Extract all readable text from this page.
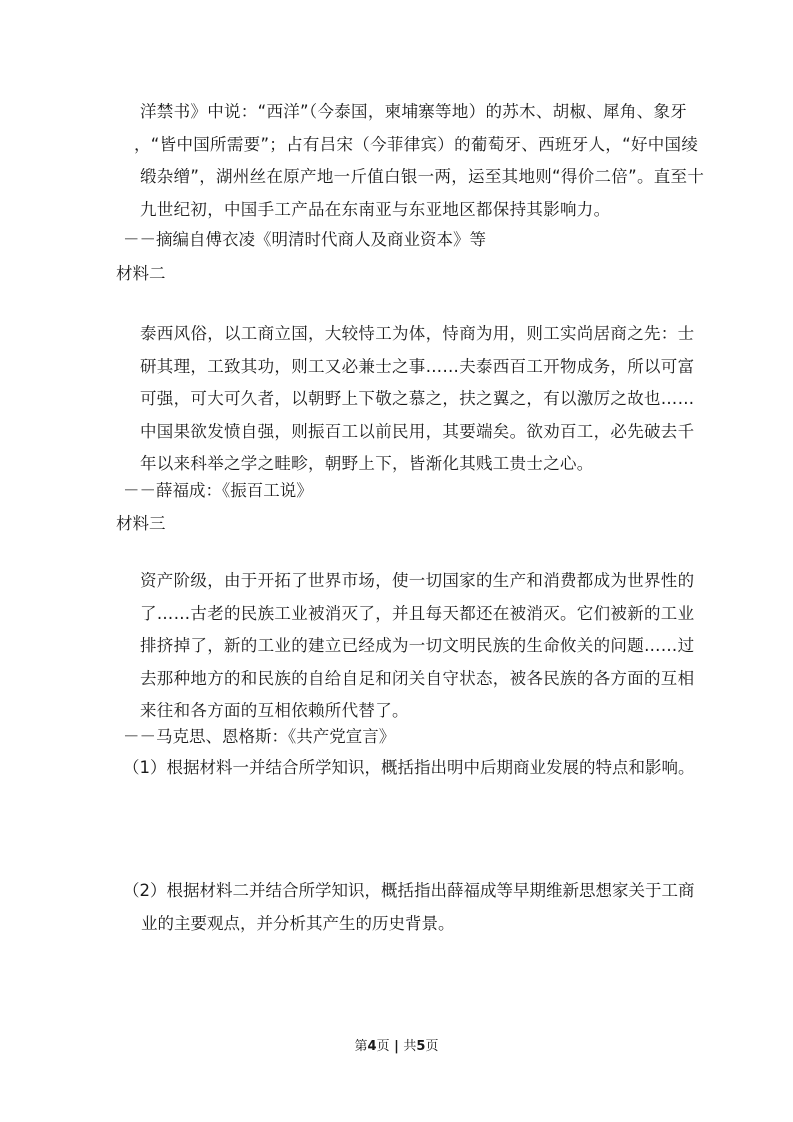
洋禁书》中说：“西洋”（今泰国，柬埔寨等地）的苏木、胡椒、犀角、象牙
，“皆中国所需要”；占有吕宋（今菲律宾）的葡萄牙、西班牙人，“好中国绫
缎杂缯”，湖州丝在原产地一斤值白银一两，运至其地则“得价二倍”。直至十
九世纪初，中国手工产品在东南亚与东亚地区都保持其影响力。
－－摘编自傅衣凌《明清时代商人及商业资本》等
材料二
泰西风俗，以工商立国，大较恃工为体，恃商为用，则工实尚居商之先：士
研其理，工致其功，则工又必兼士之事……夫泰西百工开物成务，所以可富
可强，可大可久者，以朝野上下敬之慕之，扶之翼之，有以激厉之故也……
中国果欲发愤自强，则振百工以前民用，其要端矣。欲劝百工，必先破去千
年以来科举之学之畦畛，朝野上下，皆渐化其贱工贵士之心。
－－薛福成：《振百工说》
材料三
资产阶级，由于开拓了世界市场，使一切国家的生产和消费都成为世界性的
了……古老的民族工业被消灭了，并且每天都还在被消灭。它们被新的工业
排挤掉了，新的工业的建立已经成为一切文明民族的生命攸关的问题……过
去那种地方的和民族的自给自足和闭关自守状态，被各民族的各方面的互相
来往和各方面的互相依赖所代替了。
－－马克思、恩格斯：《共产党宣言》
（1）根据材料一并结合所学知识，概括指出明中后期商业发展的特点和影响。
（2）根据材料二并结合所学知识，概括指出薛福成等早期维新思想家关于工商
业的主要观点，并分析其产生的历史背景。
第4页 | 共5页
